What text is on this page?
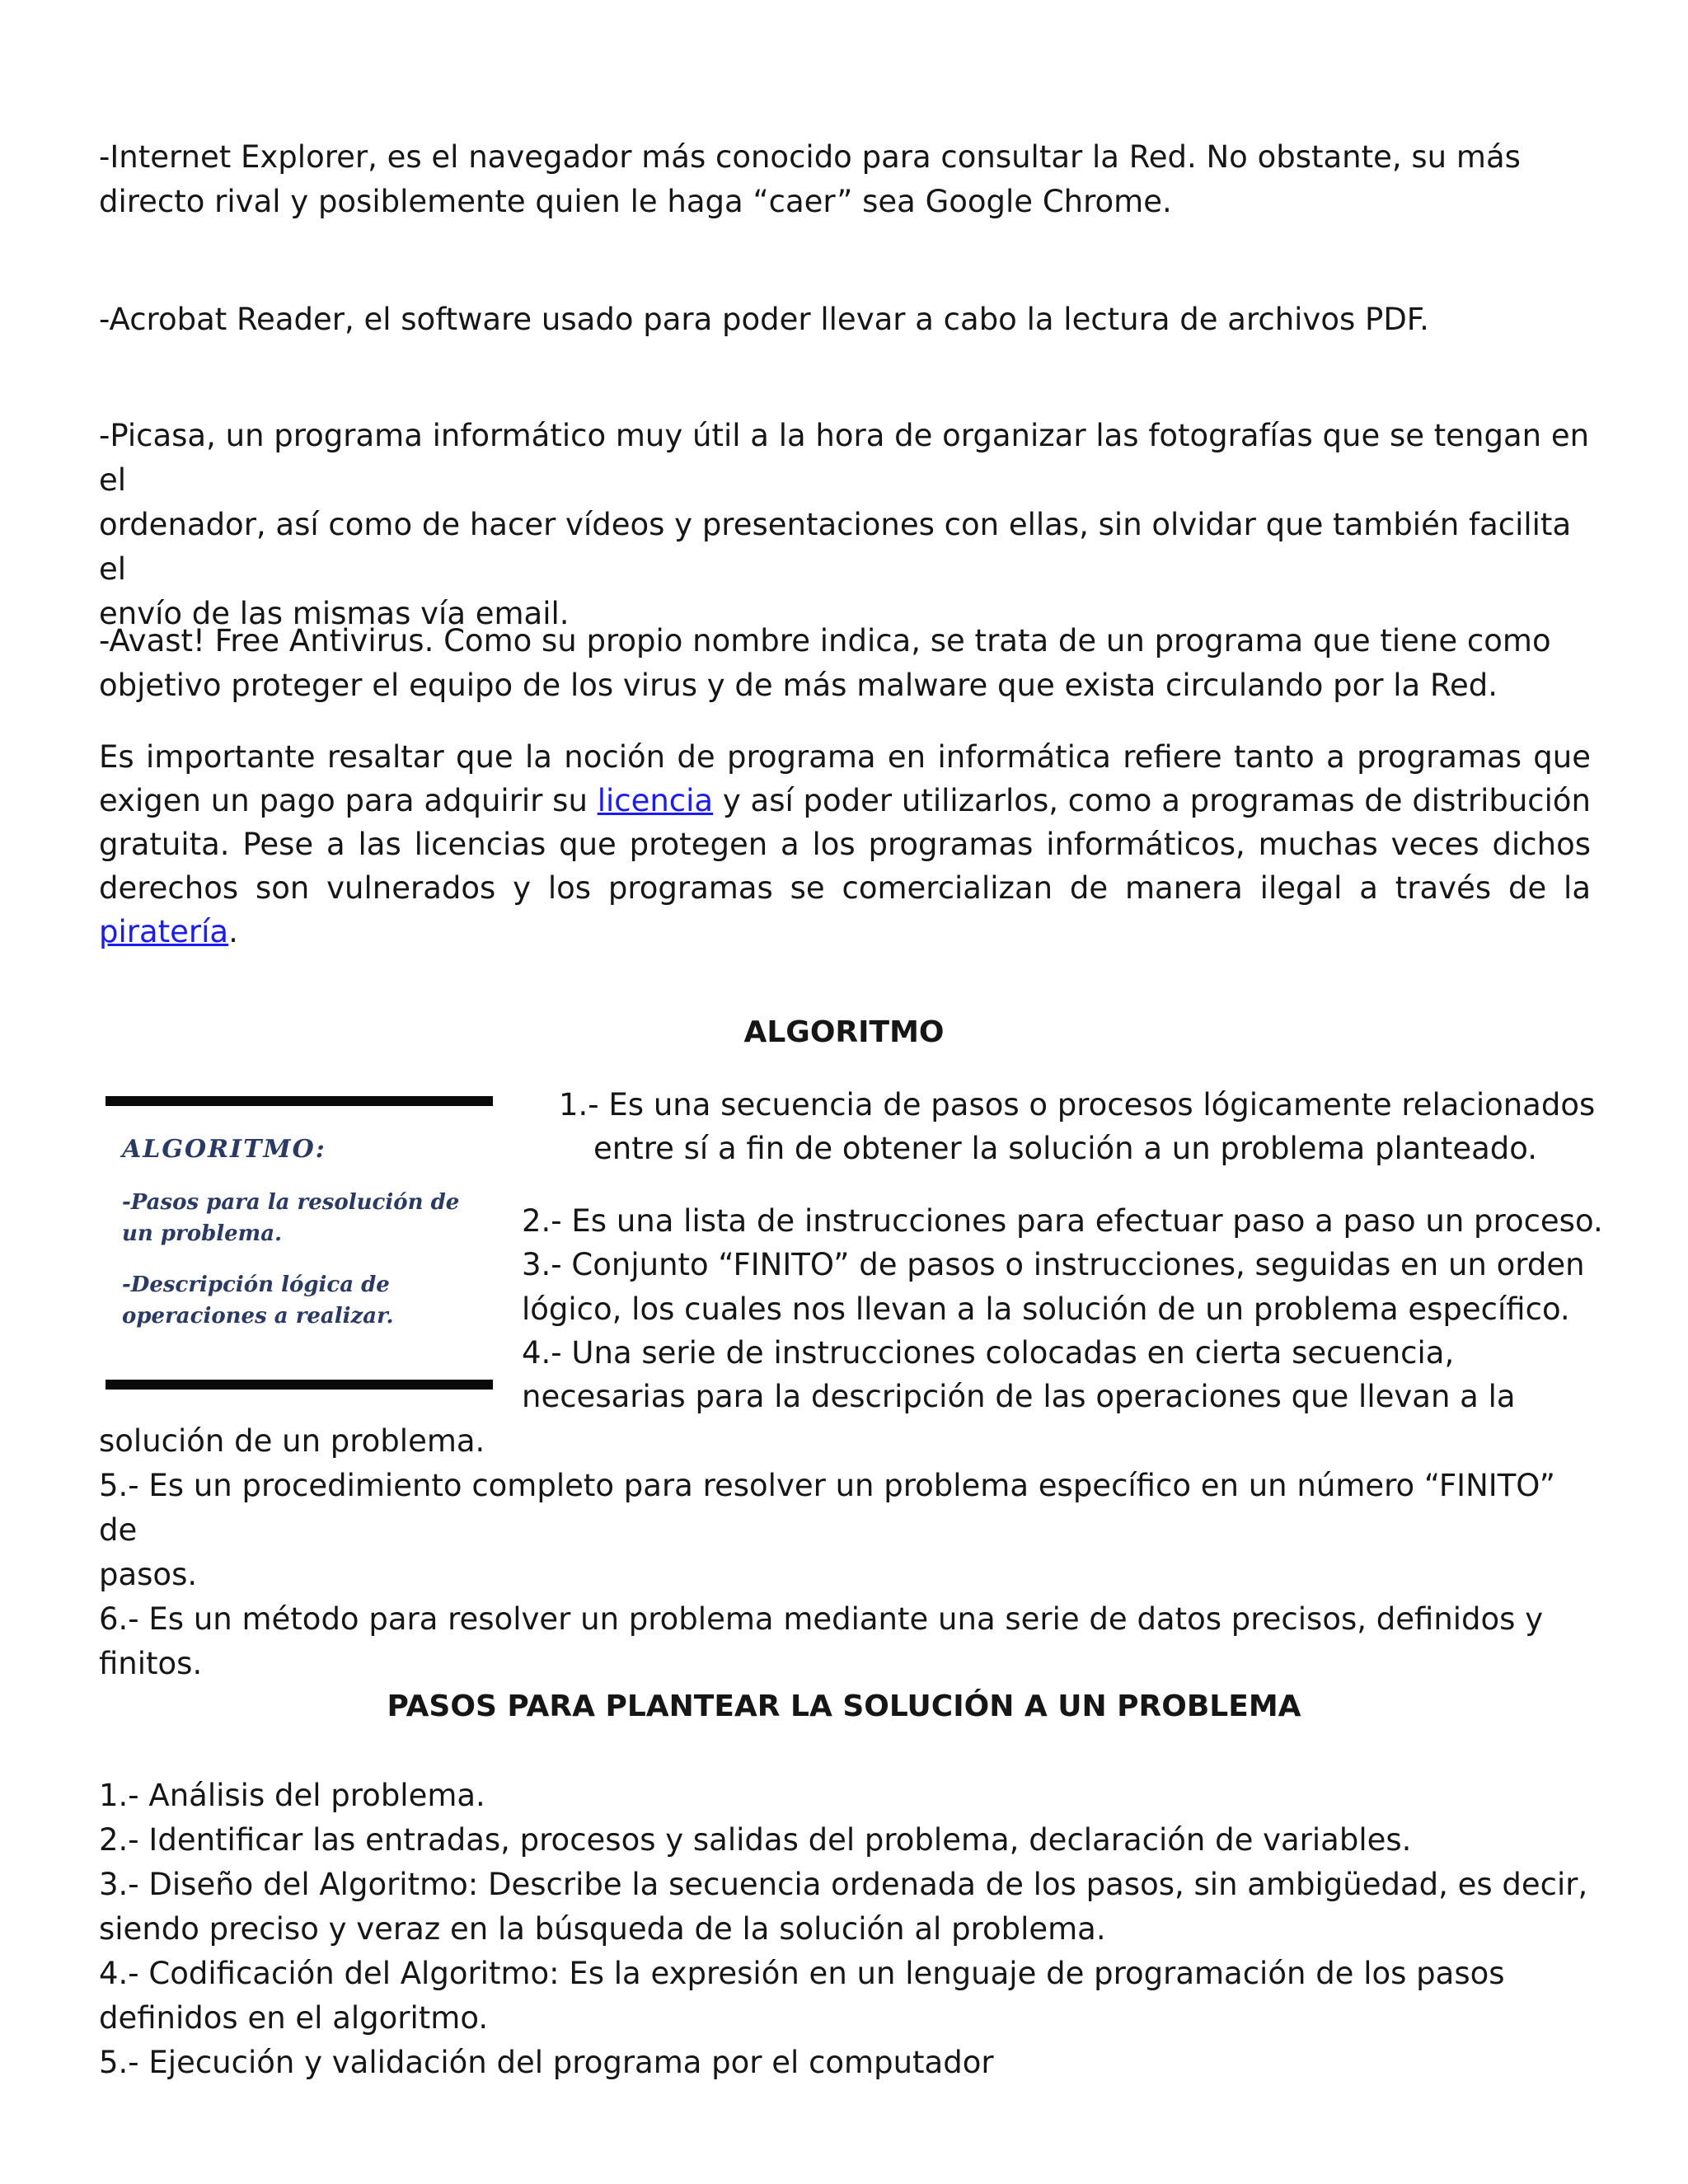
-Internet Explorer, es el navegador más conocido para consultar la Red. No obstante, su más
directo rival y posiblemente quien le haga “caer” sea Google Chrome.
-Acrobat Reader, el software usado para poder llevar a cabo la lectura de archivos PDF.
-Picasa, un programa informático muy útil a la hora de organizar las fotografías que se tengan en el
ordenador, así como de hacer vídeos y presentaciones con ellas, sin olvidar que también facilita el
envío de las mismas vía email.
-Avast! Free Antivirus. Como su propio nombre indica, se trata de un programa que tiene como
objetivo proteger el equipo de los virus y de más malware que exista circulando por la Red.

Es importante resaltar que la noción de programa en informática refiere tanto a programas que exigen un pago para adquirir su licencia y así poder utilizarlos, como a programas de distribución gratuita. Pese a las licencias que protegen a los programas informáticos, muchas veces dichos derechos son vulnerados y los programas se comercializan de manera ilegal a través de la piratería.

ALGORITMO
ALGORITMO:
-Pasos para la resolución de un problema.
-Descripción lógica de operaciones a realizar.
1.- Es una secuencia de pasos o procesos lógicamente relacionados
entre sí a fin de obtener la solución a un problema planteado.
2.- Es una lista de instrucciones para efectuar paso a paso un proceso.
3.- Conjunto “FINITO” de pasos o instrucciones, seguidas en un orden
lógico, los cuales nos llevan a la solución de un problema específico.
4.- Una serie de instrucciones colocadas en cierta secuencia,
necesarias para la descripción de las operaciones que llevan a la
solución de un problema.
5.- Es un procedimiento completo para resolver un problema específico en un número “FINITO” de
pasos.
6.- Es un método para resolver un problema mediante una serie de datos precisos, definidos y
finitos.
PASOS PARA PLANTEAR LA SOLUCIÓN A UN PROBLEMA
1.- Análisis del problema.
2.- Identificar las entradas, procesos y salidas del problema, declaración de variables.
3.- Diseño del Algoritmo: Describe la secuencia ordenada de los pasos, sin ambigüedad, es decir,
siendo preciso y veraz en la búsqueda de la solución al problema.
4.- Codificación del Algoritmo: Es la expresión en un lenguaje de programación de los pasos
definidos en el algoritmo.
5.- Ejecución y validación del programa por el computador
